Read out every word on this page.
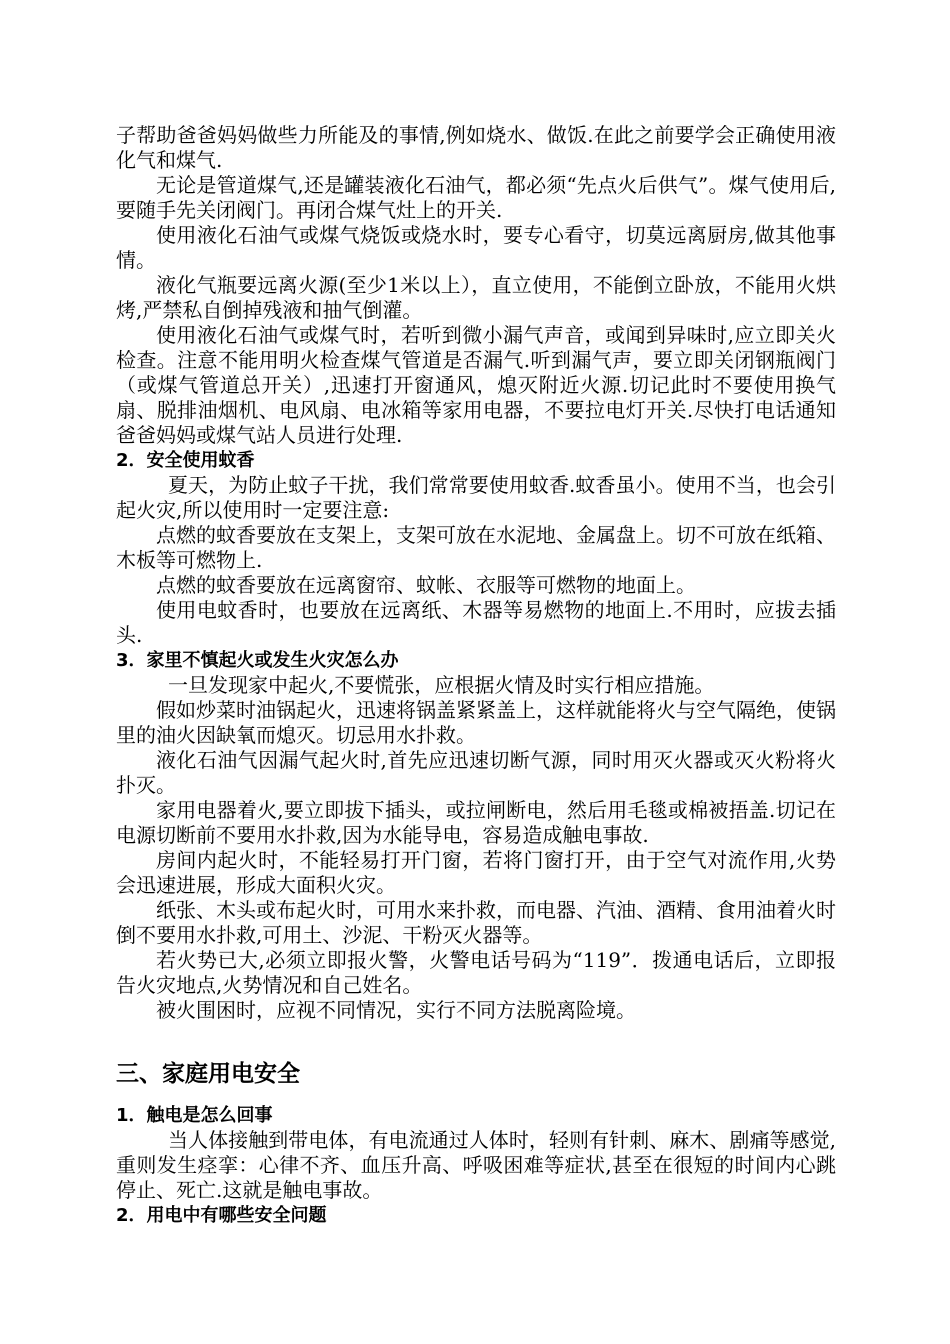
子帮助爸爸妈妈做些力所能及的事情,例如烧水、做饭.在此之前要学会正确使用液化气和煤气.

无论是管道煤气,还是罐装液化石油气，都必须“先点火后供气”。煤气使用后,要随手先关闭阀门。再闭合煤气灶上的开关.

使用液化石油气或煤气烧饭或烧水时，要专心看守，切莫远离厨房,做其他事情。

液化气瓶要远离火源(至少1米以上），直立使用，不能倒立卧放，不能用火烘烤,严禁私自倒掉残液和抽气倒灌。

使用液化石油气或煤气时，若听到微小漏气声音，或闻到异味时,应立即关火检查。注意不能用明火检查煤气管道是否漏气.听到漏气声，要立即关闭钢瓶阀门（或煤气管道总开关）,迅速打开窗通风，熄灭附近火源.切记此时不要使用换气扇、脱排油烟机、电风扇、电冰箱等家用电器，不要拉电灯开关.尽快打电话通知爸爸妈妈或煤气站人员进行处理.

2．安全使用蚊香

夏天，为防止蚊子干扰，我们常常要使用蚊香.蚊香虽小。使用不当，也会引起火灾,所以使用时一定要注意:

点燃的蚊香要放在支架上，支架可放在水泥地、金属盘上。切不可放在纸箱、木板等可燃物上.

点燃的蚊香要放在远离窗帘、蚊帐、衣服等可燃物的地面上。

使用电蚊香时，也要放在远离纸、木器等易燃物的地面上.不用时，应拔去插头.

3．家里不慎起火或发生火灾怎么办

一旦发现家中起火,不要慌张，应根据火情及时实行相应措施。

假如炒菜时油锅起火，迅速将锅盖紧紧盖上，这样就能将火与空气隔绝，使锅里的油火因缺氧而熄灭。切忌用水扑救。

液化石油气因漏气起火时,首先应迅速切断气源，同时用灭火器或灭火粉将火扑灭。

家用电器着火,要立即拔下插头，或拉闸断电，然后用毛毯或棉被捂盖.切记在电源切断前不要用水扑救,因为水能导电，容易造成触电事故.

房间内起火时，不能轻易打开门窗，若将门窗打开，由于空气对流作用,火势会迅速进展，形成大面积火灾。

纸张、木头或布起火时，可用水来扑救，而电器、汽油、酒精、食用油着火时倒不要用水扑救,可用土、沙泥、干粉灭火器等。

若火势已大,必须立即报火警，火警电话号码为“119”．拨通电话后，立即报告火灾地点,火势情况和自己姓名。

被火围困时，应视不同情况，实行不同方法脱离险境。

三、家庭用电安全
1．触电是怎么回事

当人体接触到带电体，有电流通过人体时，轻则有针刺、麻木、剧痛等感觉,重则发生痉挛：心律不齐、血压升高、呼吸困难等症状,甚至在很短的时间内心跳停止、死亡.这就是触电事故。

2．用电中有哪些安全问题
